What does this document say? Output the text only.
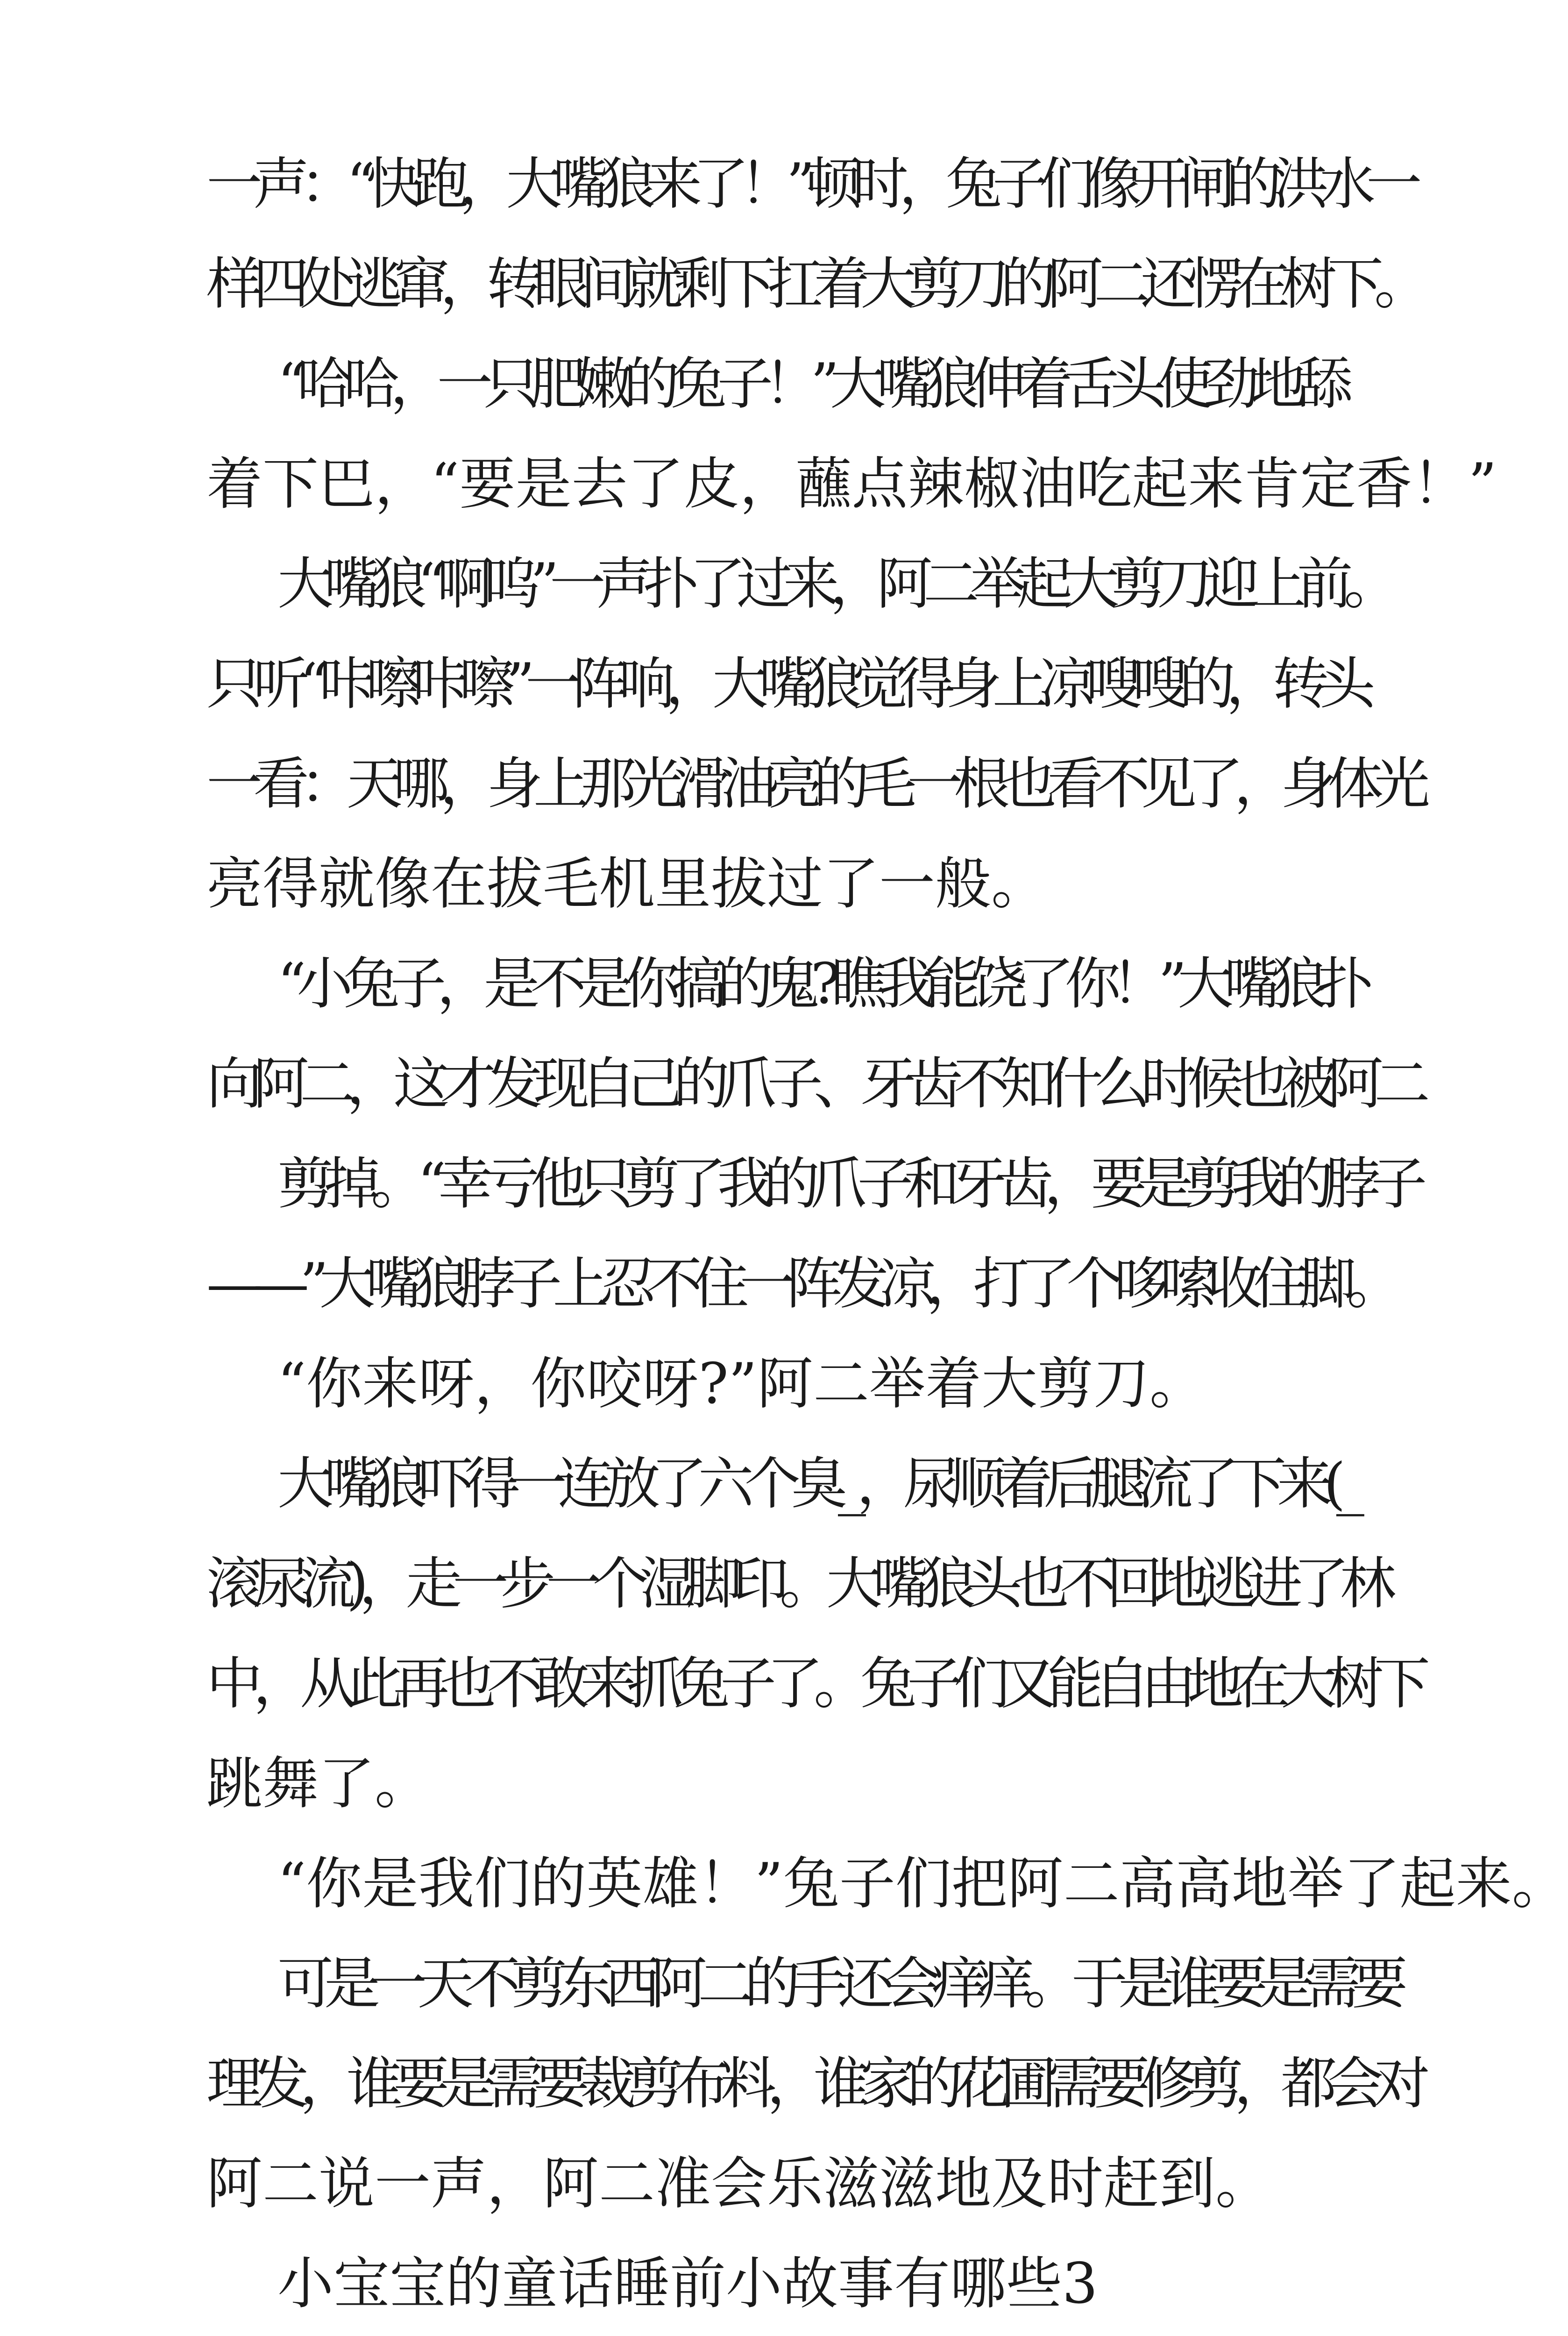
一声：“快跑，大嘴狼来了！”顿时，兔子们像开闸的洪水一
样四处逃窜，转眼间就剩下扛着大剪刀的阿二还愣在树下。
“哈哈，一只肥嫩的兔子！”大嘴狼伸着舌头使劲地舔
着下巴，“要是去了皮，蘸点辣椒油吃起来肯定香！”
大嘴狼“啊呜”一声扑了过来，阿二举起大剪刀迎上前。
只听“咔嚓咔嚓”一阵响，大嘴狼觉得身上凉嗖嗖的，转头
一看：天哪，身上那光滑油亮的毛一根也看不见了，身体光
亮得就像在拔毛机里拔过了一般。
“小兔子，是不是你搞的鬼?瞧我能饶了你！”大嘴狼扑
向阿二，这才发现自己的爪子、牙齿不知什么时候也被阿二
剪掉。“幸亏他只剪了我的爪子和牙齿，要是剪我的脖子
——”大嘴狼脖子上忍不住一阵发凉，打了个哆嗦收住脚。
“你来呀，你咬呀?”阿二举着大剪刀。
大嘴狼吓得一连放了六个臭_，尿顺着后腿流了下来(_
滚尿流)，走一步一个湿脚印。大嘴狼头也不回地逃进了林
中，从此再也不敢来抓兔子了。兔子们又能自由地在大树下
跳舞了。
“你是我们的英雄！”兔子们把阿二高高地举了起来。
可是一天不剪东西阿二的手还会痒痒。于是谁要是需要
理发，谁要是需要裁剪布料，谁家的花圃需要修剪，都会对
阿二说一声，阿二准会乐滋滋地及时赶到。
小宝宝的童话睡前小故事有哪些3
